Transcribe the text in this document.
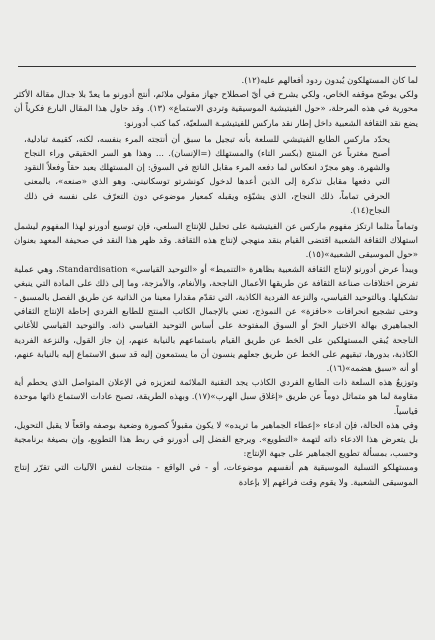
لما كان المستهلكون يُبدون ردود أفعالهم عليه(١٢).

ولكي يوضّح موقفه الخاص، ولكي يشرح في أيّ اصطلاح جهاز مقولي ملائم، أنتج أدورنو ما يعدّ بلا جدال مقالة الأكثر محورية في هذه المرحلة، «حول الفيتيشية الموسيقية وتردي الاستماع» (١٣). وقد حاول هذا المقال البارع فكرياً أن يضع نقد الثقافة الشعبية داخل إطار نقد ماركس للفيتيشيـة السلعيّة، كما كتب أدورنو:

يحدّد ماركس الطابع الفيتيشي للسلعة بأنه تبجيل ما سبق أن أنتجته المرء بنفسه، لكنه، كقيمة تبادلية، أصبح مغترباً عن المنتج (بكسر التاء) والمستهلك (=الإنسان). ... وهذا هو السر الحقيقي وراء النجاح والشهرة. وهو مجرّد انعكاس لما دفعه المرء مقابل الناتج في السوق: إن المستهلك يعبد حقاً وفعلاً النقود التي دفعها مقابل تذكرة إلى الذين أعدها لدخول كونشرتو توسكانيني. وهو الذي «صنعه»، بالمعنى الحرفي تماماً، ذلك النجاح، الذي يشيّؤه ويقبله كمعيار موضوعي دون التعرّف على نفسه في ذلك النجاح(١٤).

وتماماً مثلما ارتكز مفهوم ماركس عن الفيتيشية على تحليل للإنتاج السلعي، فإن توسيع أدورنو لهذا المفهوم ليشمل استهلاك الثقافة الشعبية اقتضى القيام بنقد منهجي لإنتاج هذه الثقافة. وقد ظهر هذا النقد في صحيفة المعهد بعنوان «حول الموسيقى الشعبية»(١٥).

ويبدأ عرض أدورنو لإنتاج الثقافة الشعبية بظاهرة «التنميط» أو «التوحيد القياسي» Standardisation، وهي عملية تفرض اختلافات صناعة الثقافة عن طريقها الأعمال الناجحة، والأنغام، والأمزجة، وما إلى ذلك على المادة التي ينبغي تشكيلها. وبالتوحيد القياسي، والنزعة الفردية الكاذبة، التي تقدّم مقدارا معينا من الذاتية عن طريق الفصل بالمسبق - وحتى تشجيع انحرافات «حافزة» عن النموذج، تعني بالإجمال الكاتب المنتج للطابع الفردي إحاطة الإنتاج الثقافي الجماهيري بهالة الاختيار الحرّ أو السوق المفتوحة على أساس التوحيد القياسي ذاته. والتوحيد القياسي للأغاني الناجحة يُبقي المستهلكين على الخط عن طريق القيام باستماعهم بالنيابة عنهم، إن جاز القول، والنزعة الفردية الكاذبة، بدورها، تبقيهم على الخط عن طريق جعلهم ينسون أن ما يستمعون إليه قد سبق الاستماع إليه بالنيابة عنهم، أو أنه «سبق هضمه»(١٦).

وتوزيعُ هذه السلعة ذات الطابع الفردي الكاذب يجد التقنية الملائمة لتعزيزه في الإعلان المتواصل الذي يحطم أية مقاومة لما هو متماثل دوماً عن طريق «إغلاق سبل الهرب»(١٧). وبهذه الطريقة، تصبح عادات الاستماع ذاتها موحدة قياسياً.

وفي هذه الحالة، فإن ادعاء «إعطاء الجماهير ما تريده» لا يكون مقبولاً كصورة وضعية بوصفه واقعاً لا يقبل التحويل، بل يتعرض هذا الادعاء ذاته لتهمة «التطويع». ويرجع الفضل إلى أدورنو في ربط هذا التطويع، وإن بصيغة برنامجية وحسب، بمسألة تطويع الجماهير على جبهة الإنتاج:

ومستهلكو التسلية الموسيقية هم أنفسهم موضوعات، أو - في الواقع - منتجات لنفس الآليات التي تقرّر إنتاج الموسيقى الشعبية. ولا يقوم وقت فراغهم إلا بإعادة
